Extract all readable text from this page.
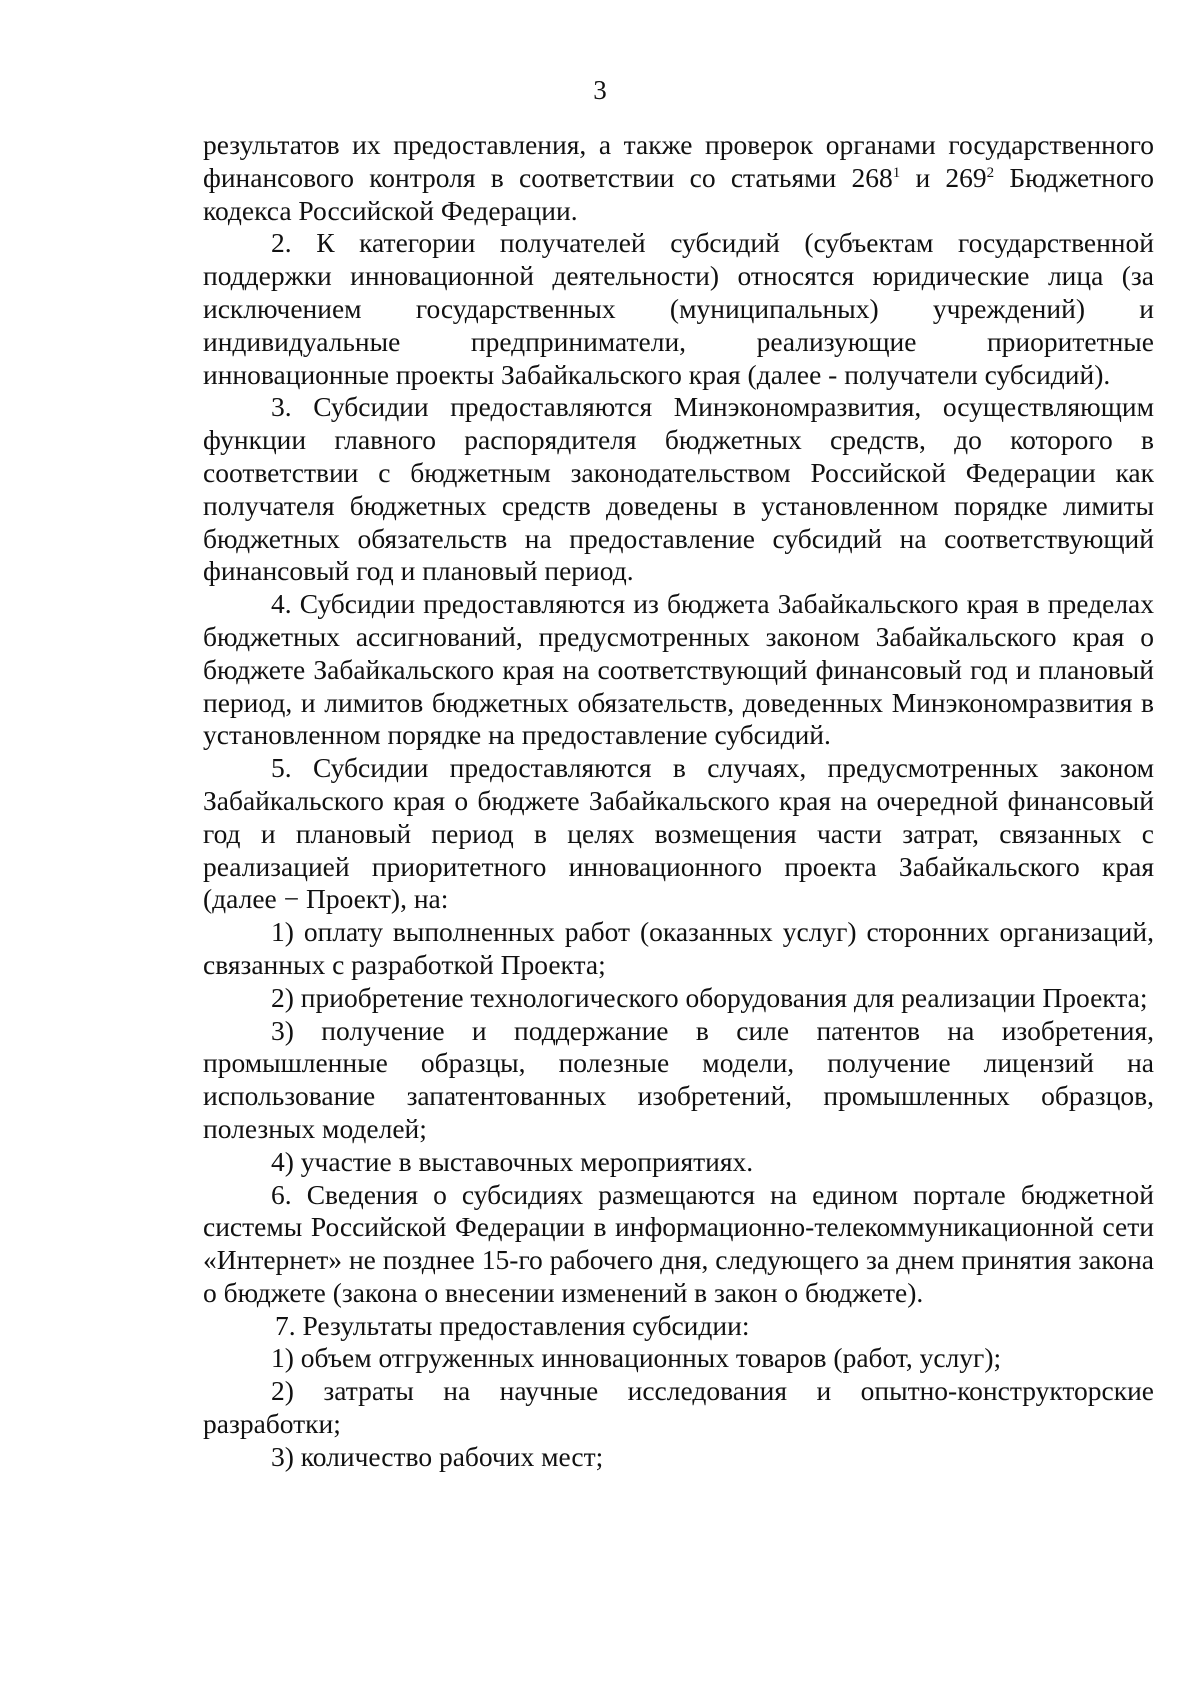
3

результатов их предоставления, а также проверок органами государственного финансового контроля в соответствии со статьями $268^1$ и $269^2$ Бюджетного кодекса Российской Федерации.

2. К категории получателей субсидий (субъектам государственной поддержки инновационной деятельности) относятся юридические лица (за исключением государственных (муниципальных) учреждений) и индивидуальные предприниматели, реализующие приоритетные инновационные проекты Забайкальского края (далее - получатели субсидий).

3. Субсидии предоставляются Минэкономразвития, осуществляющим функции главного распорядителя бюджетных средств, до которого в соответствии с бюджетным законодательством Российской Федерации как получателя бюджетных средств доведены в установленном порядке лимиты бюджетных обязательств на предоставление субсидий на соответствующий финансовый год и плановый период.

4. Субсидии предоставляются из бюджета Забайкальского края в пределах бюджетных ассигнований, предусмотренных законом Забайкальского края о бюджете Забайкальского края на соответствующий финансовый год и плановый период, и лимитов бюджетных обязательств, доведенных Минэкономразвития в установленном порядке на предоставление субсидий.

5. Субсидии предоставляются в случаях, предусмотренных законом Забайкальского края о бюджете Забайкальского края на очередной финансовый год и плановый период в целях возмещения части затрат, связанных с реализацией приоритетного инновационного проекта Забайкальского края (далее − Проект), на:

1) оплату выполненных работ (оказанных услуг) сторонних организаций, связанных с разработкой Проекта;

2) приобретение технологического оборудования для реализации Проекта;

3) получение и поддержание в силе патентов на изобретения, промышленные образцы, полезные модели, получение лицензий на использование запатентованных изобретений, промышленных образцов, полезных моделей;

4) участие в выставочных мероприятиях.

6. Сведения о субсидиях размещаются на едином портале бюджетной системы Российской Федерации в информационно-телекоммуникационной сети «Интернет» не позднее 15-го рабочего дня, следующего за днем принятия закона о бюджете (закона о внесении изменений в закон о бюджете).

7. Результаты предоставления субсидии:

1) объем отгруженных инновационных товаров (работ, услуг);

2) затраты на научные исследования и опытно-конструкторские разработки;

3) количество рабочих мест;
